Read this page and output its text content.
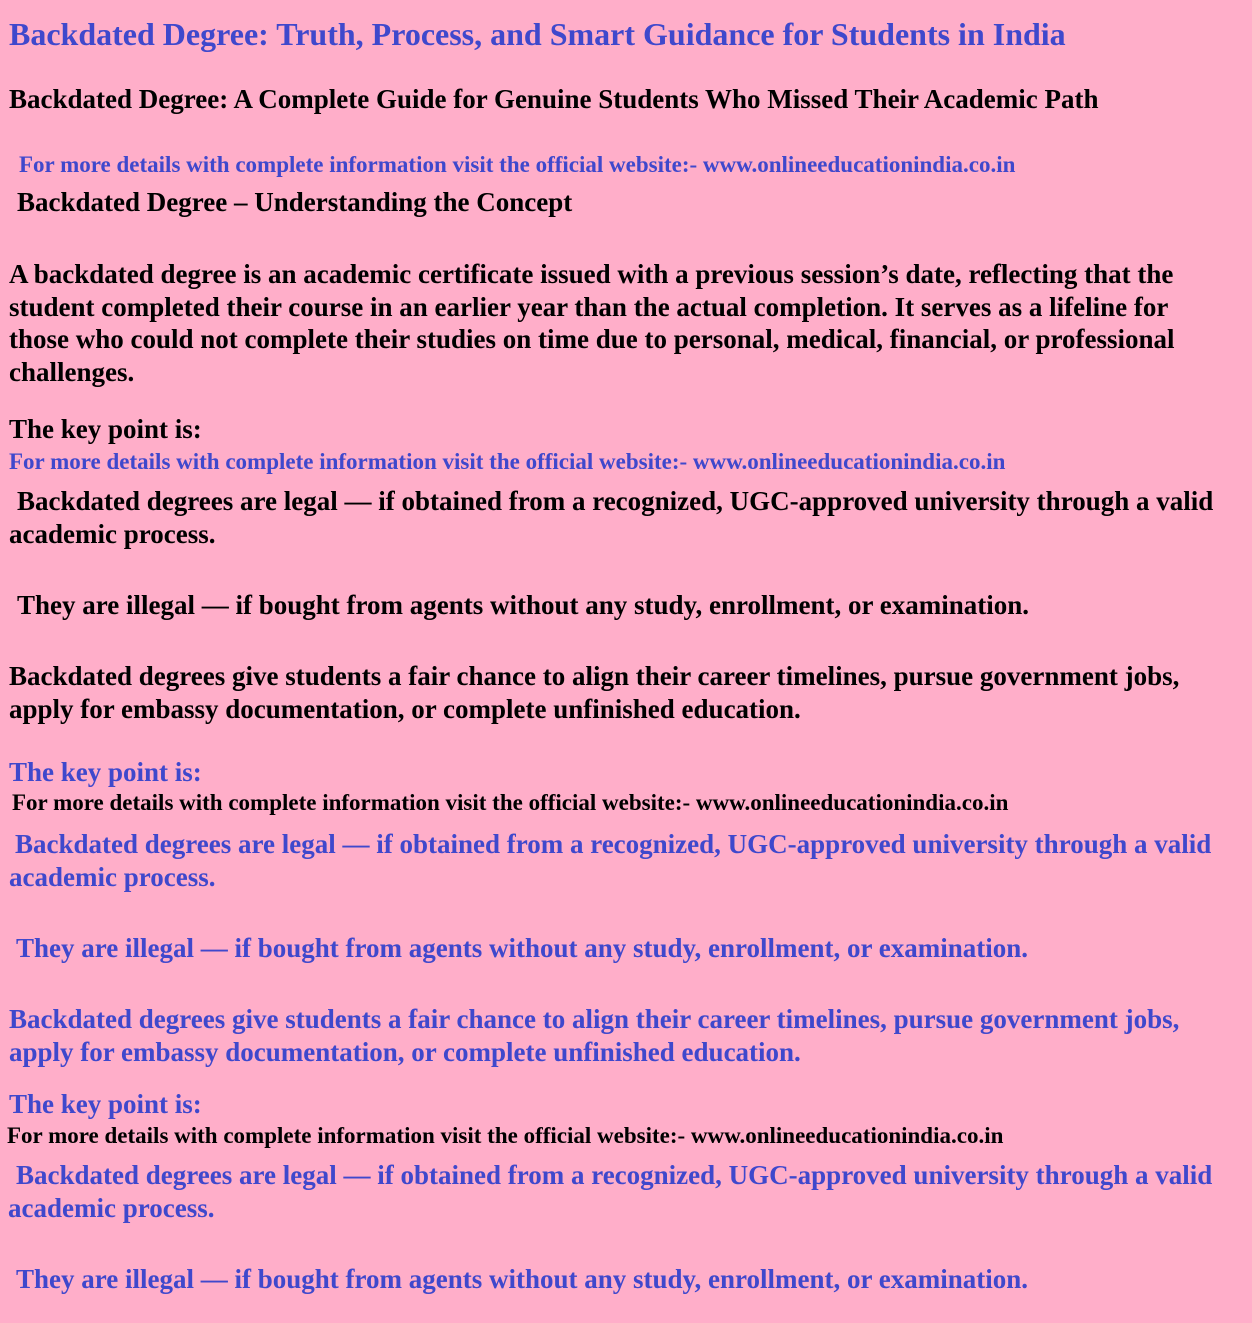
Backdated Degree: Truth, Process, and Smart Guidance for Students in India
Backdated Degree: A Complete Guide for Genuine Students Who Missed Their Academic Path

For more details with complete information visit the official website:- www.onlineeducationindia.co.in

Backdated Degree – Understanding the Concept

A backdated degree is an academic certificate issued with a previous session’s date, reflecting that the student completed their course in an earlier year than the actual completion. It serves as a lifeline for those who could not complete their studies on time due to personal, medical, financial, or professional challenges.

The key point is:

For more details with complete information visit the official website:- www.onlineeducationindia.co.in

Backdated degrees are legal — if obtained from a recognized, UGC-approved university through a valid academic process.

They are illegal — if bought from agents without any study, enrollment, or examination.

Backdated degrees give students a fair chance to align their career timelines, pursue government jobs, apply for embassy documentation, or complete unfinished education.

The key point is:

For more details with complete information visit the official website:- www.onlineeducationindia.co.in

Backdated degrees are legal — if obtained from a recognized, UGC-approved university through a valid academic process.

They are illegal — if bought from agents without any study, enrollment, or examination.

Backdated degrees give students a fair chance to align their career timelines, pursue government jobs, apply for embassy documentation, or complete unfinished education.

The key point is:

For more details with complete information visit the official website:- www.onlineeducationindia.co.in

Backdated degrees are legal — if obtained from a recognized, UGC-approved university through a valid academic process.

They are illegal — if bought from agents without any study, enrollment, or examination.
